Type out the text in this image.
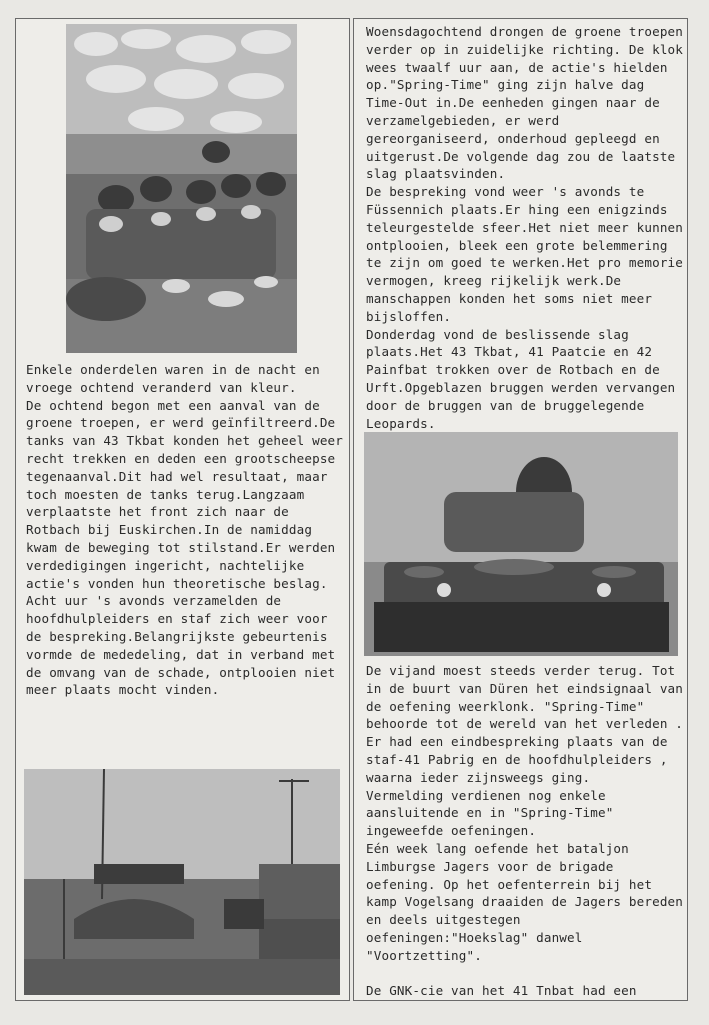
Enkele onderdelen waren in de nacht en vroege ochtend veranderd van kleur.

De ochtend begon met een aanval van de groene troepen, er werd geïnfiltreerd.De tanks van 43 Tkbat konden het geheel weer recht trekken en deden een grootscheepse tegenaanval.Dit had wel resultaat, maar toch moesten de tanks terug.Langzaam verplaatste het front zich naar de Rotbach bij Euskirchen.In de namiddag kwam de beweging tot stilstand.Er werden verdedigingen ingericht, nachtelijke actie's vonden hun theoretische beslag.

Acht uur 's avonds verzamelden de hoofdhulpleiders en staf zich weer voor de bespreking.Belangrijkste gebeurtenis vormde de mededeling, dat in verband met de omvang van de schade, ontplooien niet meer plaats mocht vinden.

Woensdagochtend drongen de groene troepen verder op in zuidelijke richting. De klok wees twaalf uur aan, de actie's hielden op."Spring-Time" ging zijn halve dag Time-Out in.De eenheden gingen naar de verzamelgebieden, er werd gereorganiseerd, onderhoud gepleegd en uitgerust.De volgende dag zou de laatste slag plaatsvinden.

De bespreking vond weer 's avonds te Füssennich plaats.Er hing een enigzinds teleurgestelde sfeer.Het niet meer kunnen ontplooien, bleek een grote belemmering te zijn om goed te werken.Het pro memorie vermogen, kreeg rijkelijk werk.De manschappen konden het soms niet meer bijsloffen.

Donderdag vond de beslissende slag plaats.Het 43 Tkbat, 41 Paatcie en 42 Painfbat trokken over de Rotbach en de Urft.Opgeblazen bruggen werden vervangen door de bruggen van de bruggelegende Leopards.

De vijand moest steeds verder terug. Tot in de buurt van Düren het eindsignaal van de oefening weerklonk. "Spring-Time" behoorde tot de wereld van het verleden .

Er had een eindbespreking plaats van de staf-41 Pabrig en de hoofdhulpleiders , waarna ieder zijnsweegs ging.

Vermelding verdienen nog enkele aansluitende en in "Spring-Time" ingeweefde oefeningen.

Eén week lang oefende het bataljon Limburgse Jagers voor de brigade oefening. Op het oefenterrein bij het kamp Vogelsang draaiden de Jagers bereden en deels uitgestegen oefeningen:"Hoekslag" danwel "Voortzetting".

De GNK-cie van het 41 Tnbat had een
